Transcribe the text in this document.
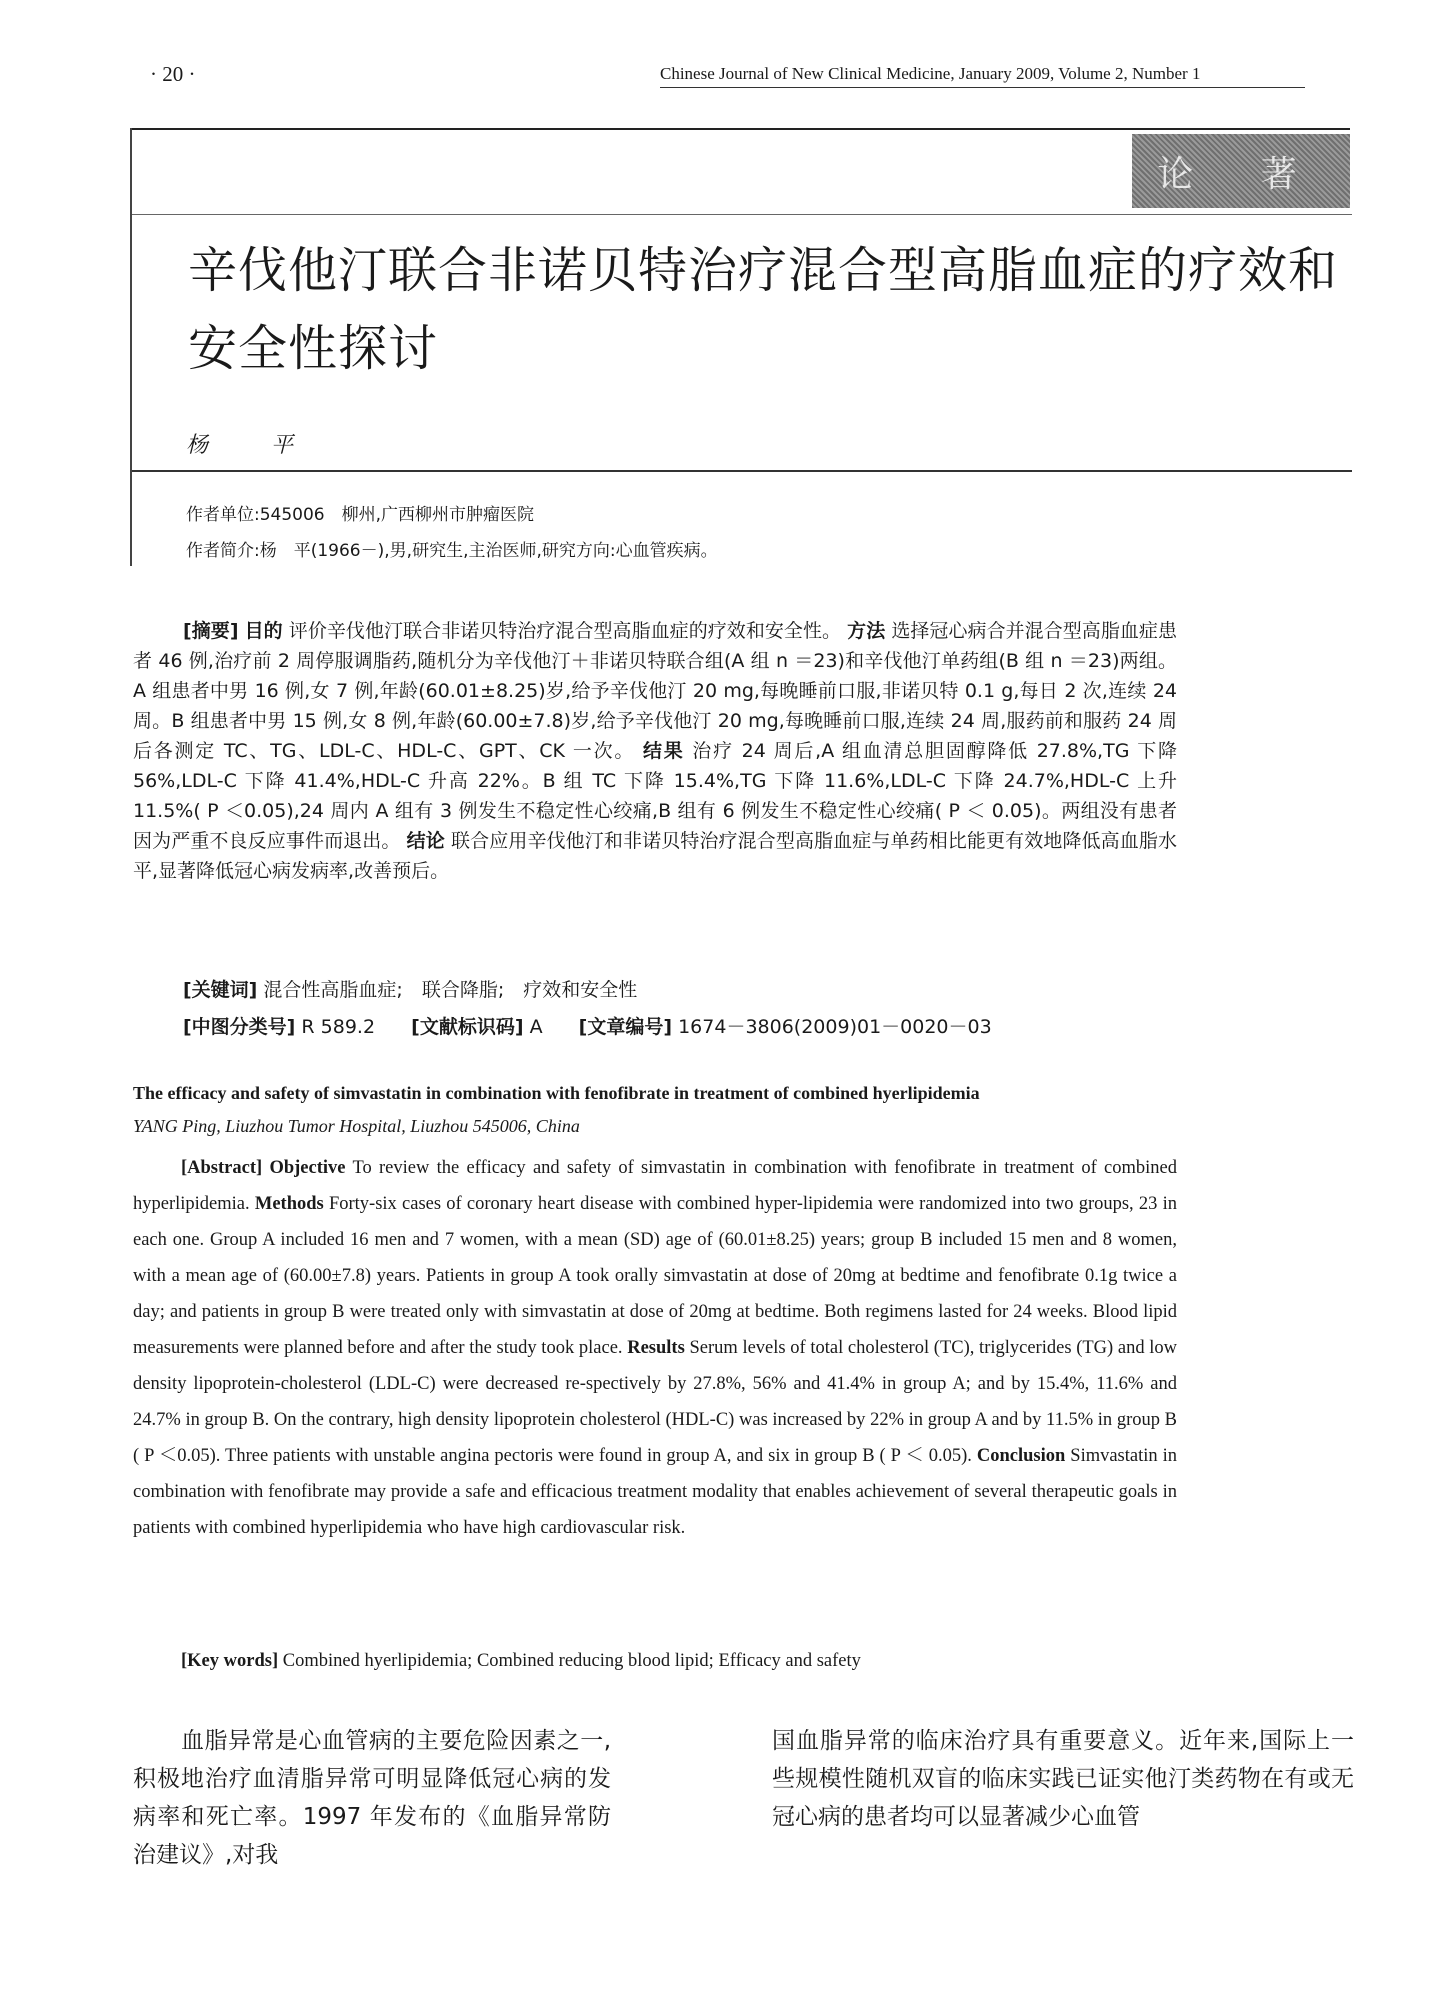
· 20 ·	Chinese Journal of New Clinical Medicine, January 2009, Volume 2, Number 1
论 著
辛伐他汀联合非诺贝特治疗混合型高脂血症的疗效和安全性探讨
杨 平
作者单位:545006　柳州,广西柳州市肿瘤医院
作者简介:杨　平(1966－),男,研究生,主治医师,研究方向:心血管疾病。
[摘要] 目的 评价辛伐他汀联合非诺贝特治疗混合型高脂血症的疗效和安全性。 方法 选择冠心病合并混合型高脂血症患者 46 例,治疗前 2 周停服调脂药,随机分为辛伐他汀＋非诺贝特联合组(A 组 n ＝23)和辛伐他汀单药组(B 组 n ＝23)两组。A 组患者中男 16 例,女 7 例,年龄(60.01±8.25)岁,给予辛伐他汀 20 mg,每晚睡前口服,非诺贝特 0.1 g,每日 2 次,连续 24 周。B 组患者中男 15 例,女 8 例,年龄(60.00±7.8)岁,给予辛伐他汀 20 mg,每晚睡前口服,连续 24 周,服药前和服药 24 周后各测定 TC、TG、LDL-C、HDL-C、GPT、CK 一次。 结果 治疗 24 周后,A 组血清总胆固醇降低 27.8%,TG 下降 56%,LDL-C 下降 41.4%,HDL-C 升高 22%。B 组 TC 下降 15.4%,TG 下降 11.6%,LDL-C 下降 24.7%,HDL-C 上升 11.5%( P ＜0.05),24 周内 A 组有 3 例发生不稳定性心绞痛,B 组有 6 例发生不稳定性心绞痛( P ＜ 0.05)。两组没有患者因为严重不良反应事件而退出。 结论 联合应用辛伐他汀和非诺贝特治疗混合型高脂血症与单药相比能更有效地降低高血脂水平,显著降低冠心病发病率,改善预后。
[关键词] 混合性高脂血症;　联合降脂;　疗效和安全性
[中图分类号] R 589.2 [文献标识码] A [文章编号] 1674－3806(2009)01－0020－03
The efficacy and safety of simvastatin in combination with fenofibrate in treatment of combined hyerlipidemia
YANG Ping, Liuzhou Tumor Hospital, Liuzhou 545006, China
[Abstract] Objective To review the efficacy and safety of simvastatin in combination with fenofibrate in treatment of combined hyperlipidemia. Methods Forty-six cases of coronary heart disease with combined hyper-lipidemia were randomized into two groups, 23 in each one. Group A included 16 men and 7 women, with a mean (SD) age of (60.01±8.25) years; group B included 15 men and 8 women, with a mean age of (60.00±7.8) years. Patients in group A took orally simvastatin at dose of 20mg at bedtime and fenofibrate 0.1g twice a day; and patients in group B were treated only with simvastatin at dose of 20mg at bedtime. Both regimens lasted for 24 weeks. Blood lipid measurements were planned before and after the study took place. Results Serum levels of total cholesterol (TC), triglycerides (TG) and low density lipoprotein-cholesterol (LDL-C) were decreased re-spectively by 27.8%, 56% and 41.4% in group A; and by 15.4%, 11.6% and 24.7% in group B. On the contrary, high density lipoprotein cholesterol (HDL-C) was increased by 22% in group A and by 11.5% in group B ( P ＜0.05). Three patients with unstable angina pectoris were found in group A, and six in group B ( P ＜ 0.05). Conclusion Simvastatin in combination with fenofibrate may provide a safe and efficacious treatment modality that enables achievement of several therapeutic goals in patients with combined hyperlipidemia who have high cardiovascular risk.
[Key words] Combined hyerlipidemia; Combined reducing blood lipid; Efficacy and safety
血脂异常是心血管病的主要危险因素之一,积极地治疗血清脂异常可明显降低冠心病的发病率和死亡率。1997 年发布的《血脂异常防治建议》,对我
国血脂异常的临床治疗具有重要意义。近年来,国际上一些规模性随机双盲的临床实践已证实他汀类药物在有或无冠心病的患者均可以显著减少心血管
